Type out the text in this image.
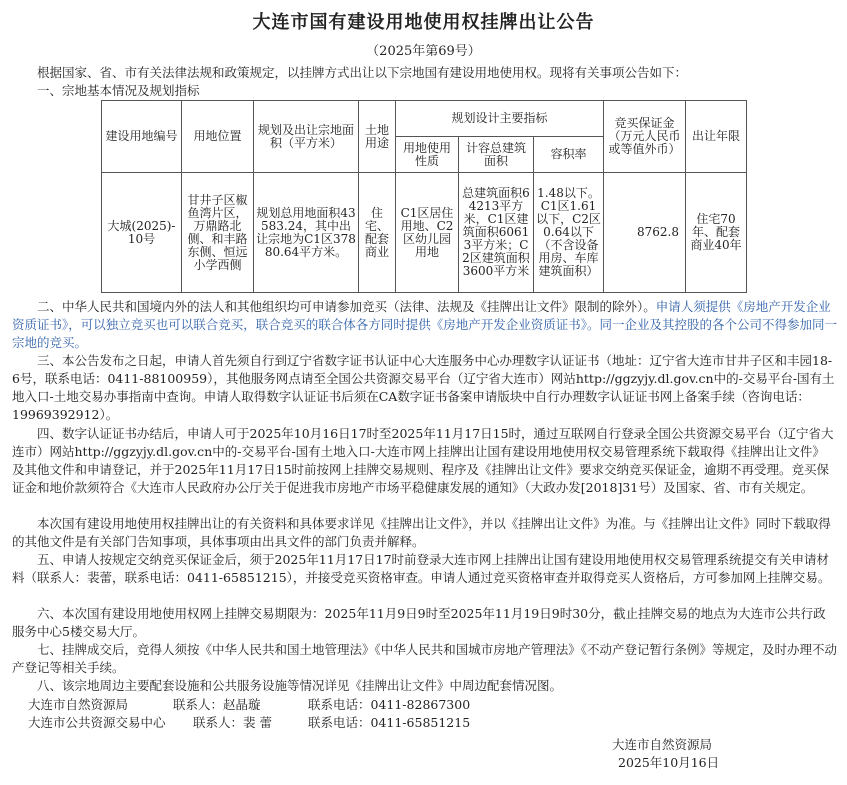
大连市国有建设用地使用权挂牌出让公告
（2025年第69号）
根据国家、省、市有关法律法规和政策规定，以挂牌方式出让以下宗地国有建设用地使用权。现将有关事项公告如下：
一、宗地基本情况及规划指标
建设用地编号	用地位置	规划及出让宗地面积（平方米）	土地用途	规划设计主要指标			竞买保证金（万元人民币或等值外币）	出让年限
				用地使用性质	计容总建筑面积	容积率		
大城(2025)-10号	甘井子区椒鱼湾片区，万鼎路北侧、和丰路东侧、恒远小学西侧	规划总用地面积43583.24，其中出让宗地为C1区37880.64平方米。	住宅、配套商业	C1区居住用地、C2区幼儿园用地	总建筑面积64213平方米，C1区建筑面积60613平方米；C2区建筑面积3600平方米	1.48以下。C1区1.61以下，C2区0.64以下（不含设备用房、车库建筑面积）	8762.8	住宅70年、配套商业40年
二、中华人民共和国境内外的法人和其他组织均可申请参加竞买（法律、法规及《挂牌出让文件》限制的除外）。申请人须提供《房地产开发企业资质证书》，可以独立竞买也可以联合竞买，联合竞买的联合体各方同时提供《房地产开发企业资质证书》。同一企业及其控股的各个公司不得参加同一宗地的竞买。
三、本公告发布之日起，申请人首先须自行到辽宁省数字证书认证中心大连服务中心办理数字认证证书（地址：辽宁省大连市甘井子区和丰园18-6号，联系电话：0411-88100959），其他服务网点请至全国公共资源交易平台（辽宁省大连市）网站http://ggzyjy.dl.gov.cn中的-交易平台-国有土地入口-土地交易办事指南中查询。申请人取得数字认证证书后须在CA数字证书备案申请版块中自行办理数字认证证书网上备案手续（咨询电话：19969392912）。
四、数字认证证书办结后，申请人可于2025年10月16日17时至2025年11月17日15时，通过互联网自行登录全国公共资源交易平台（辽宁省大连市）网站http://ggzyjy.dl.gov.cn中的-交易平台-国有土地入口-大连市网上挂牌出让国有建设用地使用权交易管理系统下载取得《挂牌出让文件》及其他文件和申请登记，并于2025年11月17日15时前按网上挂牌交易规则、程序及《挂牌出让文件》要求交纳竞买保证金，逾期不再受理。竞买保证金和地价款须符合《大连市人民政府办公厅关于促进我市房地产市场平稳健康发展的通知》（大政办发[2018]31号）及国家、省、市有关规定。
本次国有建设用地使用权挂牌出让的有关资料和具体要求详见《挂牌出让文件》，并以《挂牌出让文件》为准。与《挂牌出让文件》同时下载取得的其他文件是有关部门告知事项，具体事项由出具文件的部门负责并解释。
五、申请人按规定交纳竞买保证金后，须于2025年11月17日17时前登录大连市网上挂牌出让国有建设用地使用权交易管理系统提交有关申请材料（联系人：裴蕾，联系电话：0411-65851215），并接受竞买资格审查。申请人通过竞买资格审查并取得竞买人资格后，方可参加网上挂牌交易。
六、本次国有建设用地使用权网上挂牌交易期限为：2025年11月9日9时至2025年11月19日9时30分，截止挂牌交易的地点为大连市公共行政服务中心5楼交易大厅。
七、挂牌成交后，竞得人须按《中华人民共和国土地管理法》《中华人民共和国城市房地产管理法》《不动产登记暂行条例》等规定，及时办理不动产登记等相关手续。
八、该宗地周边主要配套设施和公共服务设施等情况详见《挂牌出让文件》中周边配套情况图。
大连市自然资源局	联系人：赵晶璇	联系电话：0411-82867300
大连市公共资源交易中心 联系人：裴 蕾	联系电话：0411-65851215
大连市自然资源局
2025年10月16日
